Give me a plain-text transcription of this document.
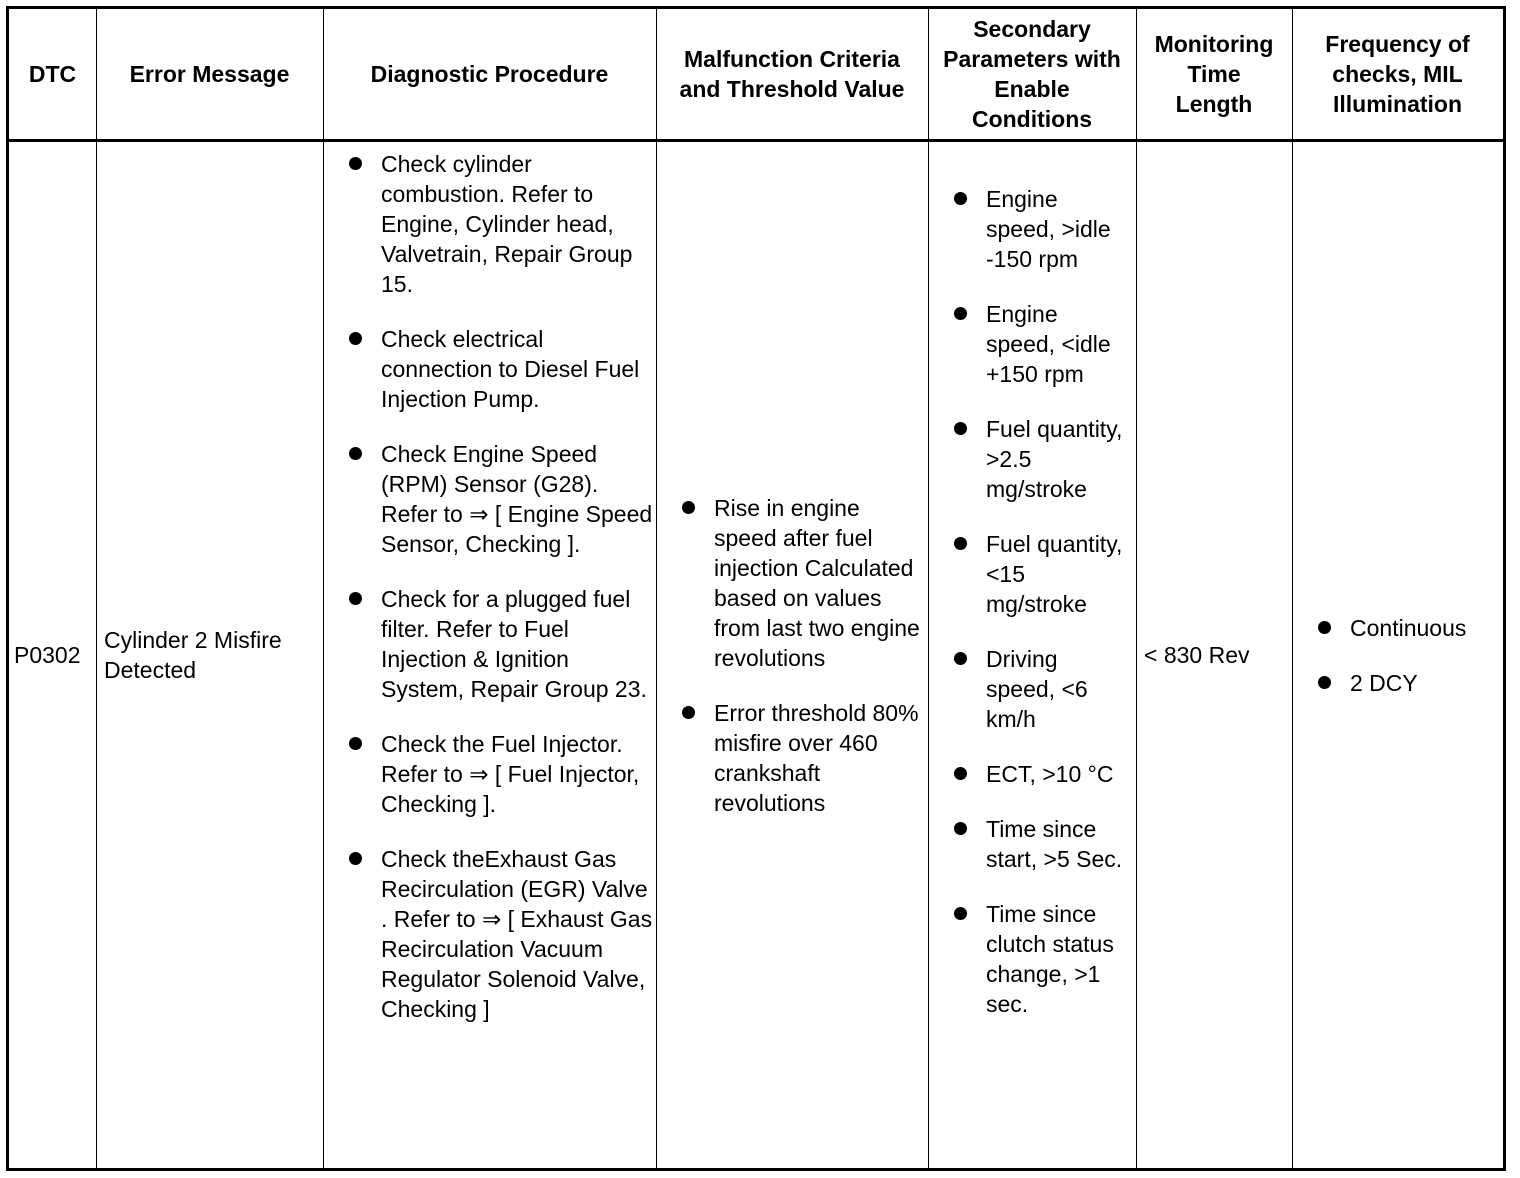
DTC	Error Message	Diagnostic Procedure
Malfunction Criteria and Threshold Value
Secondary Parameters with Enable Conditions
Monitoring Time Length
Frequency of checks, MIL Illumination
P0302
Cylinder 2 Misfire Detected
Check cylinder combustion. Refer to Engine, Cylinder head, Valvetrain, Repair Group 15.
Check electrical connection to Diesel Fuel Injection Pump.
Check Engine Speed (RPM) Sensor (G28). Refer to ⇒ [ Engine Speed Sensor, Checking ].
Check for a plugged fuel filter. Refer to Fuel Injection & Ignition System, Repair Group 23.
Check the Fuel Injector. Refer to ⇒ [ Fuel Injector, Checking ].
Check theExhaust Gas Recirculation (EGR) Valve . Refer to ⇒ [ Exhaust Gas Recirculation Vacuum Regulator Solenoid Valve, Checking ]
Rise in engine speed after fuel injection Calculated based on values from last two engine revolutions
Error threshold 80% misfire over 460 crankshaft revolutions
Engine speed, >idle -150 rpm
Engine speed, <idle +150 rpm
Fuel quantity, >2.5 mg/stroke
Fuel quantity, <15 mg/stroke
Driving speed, <6 km/h
ECT, >10 °C
Time since start, >5 Sec.
Time since clutch status change, >1 sec.
< 830 Rev
Continuous
2 DCY
